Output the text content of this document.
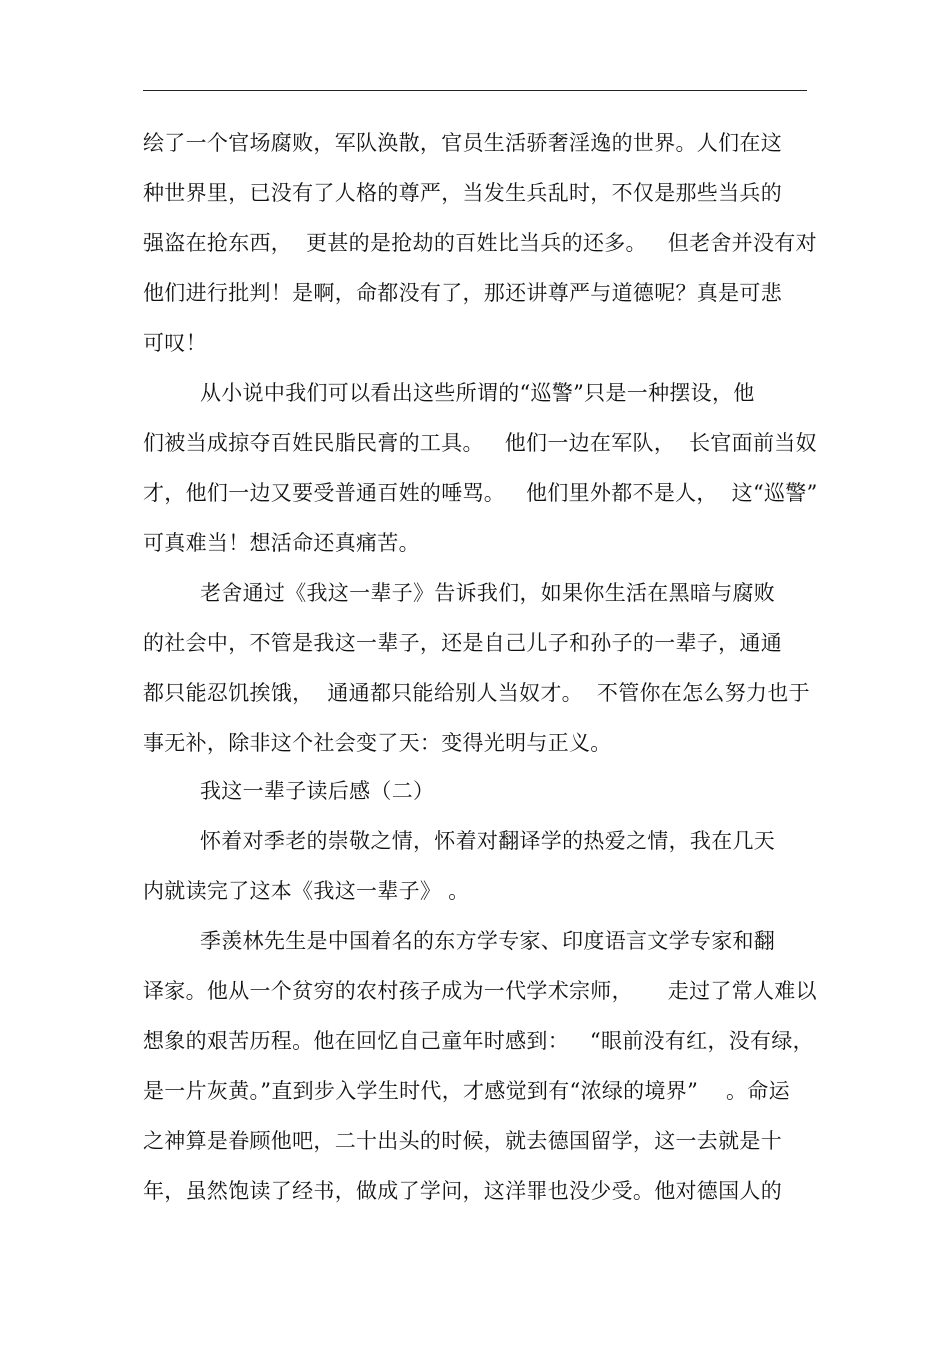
绘了一个官场腐败，军队涣散，官员生活骄奢淫逸的世界。人们在这
种世界里，已没有了人格的尊严，当发生兵乱时，不仅是那些当兵的
强盗在抢东西，  更甚的是抢劫的百姓比当兵的还多。   但老舍并没有对
他们进行批判！是啊，命都没有了，那还讲尊严与道德呢？真是可悲
可叹！
从小说中我们可以看出这些所谓的“巡警”只是一种摆设，他
们被当成掠夺百姓民脂民膏的工具。   他们一边在军队，  长官面前当奴
才，他们一边又要受普通百姓的唾骂。   他们里外都不是人，  这“巡警”
可真难当！想活命还真痛苦。
老舍通过《我这一辈子》告诉我们，如果你生活在黑暗与腐败
的社会中，不管是我这一辈子，还是自己儿子和孙子的一辈子，通通
都只能忍饥挨饿，  通通都只能给别人当奴才。  不管你在怎么努力也于
事无补，除非这个社会变了天：变得光明与正义。
我这一辈子读后感（二）
怀着对季老的崇敬之情，怀着对翻译学的热爱之情，我在几天
内就读完了这本《我这一辈子》 。
季羡林先生是中国着名的东方学专家、印度语言文学专家和翻
译家。他从一个贫穷的农村孩子成为一代学术宗师，     走过了常人难以
想象的艰苦历程。他在回忆自己童年时感到：   “眼前没有红，没有绿，
是一片灰黄。”直到步入学生时代，才感觉到有“浓绿的境界”    。命运
之神算是眷顾他吧，二十出头的时候，就去德国留学，这一去就是十
年，虽然饱读了经书，做成了学问，这洋罪也没少受。他对德国人的
